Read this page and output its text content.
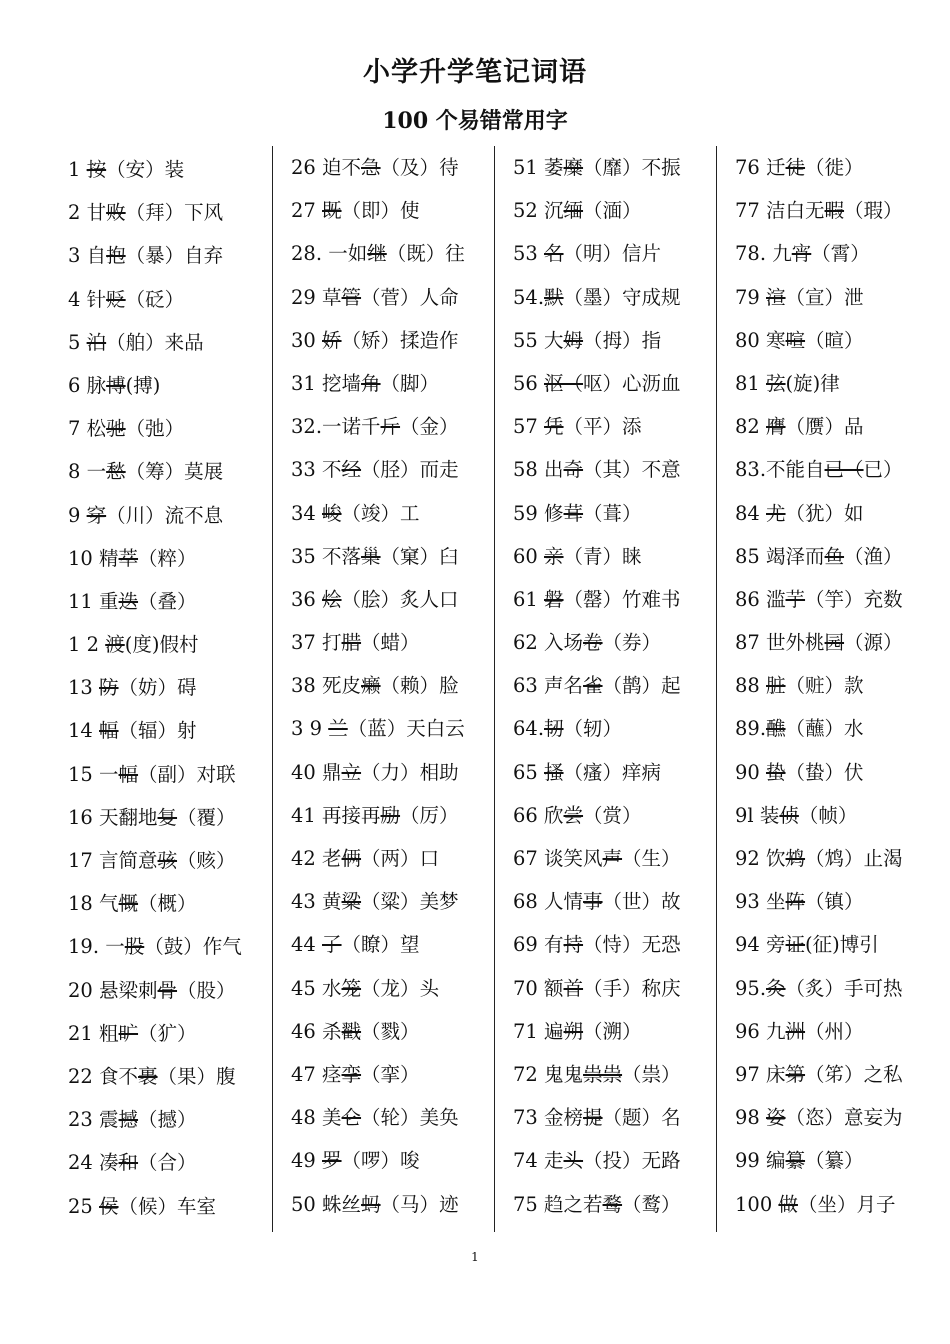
小学升学笔记词语
100 个易错常用字
1 按（安）装
2 甘败（拜）下风
3 自抱（暴）自弃
4 针贬（砭）
5 泊（舶）来品
6 脉博(搏)
7 松驰（弛）
8 一愁（筹）莫展
9 穿（川）流不息
10 精萃（粹）
11 重迭（叠）
1 2 渡(度)假村
13 防（妨）碍
14 幅（辐）射
15 一幅（副）对联
16 天翻地复（覆）
17 言简意骇（赅）
18 气慨（概）
19. 一股（鼓）作气
20 悬梁刺骨（股）
21 粗旷（犷）
22 食不裹（果）腹
23 震撼（撼）
24 凑和（合）
25 侯（候）车室
26 迫不急（及）待
27 既（即）使
28. 一如继（既）往
29 草管（菅）人命
30 娇（矫）揉造作
31 挖墙角（脚）
32.一诺千斤（金）
33 不经（胫）而走
34 峻（竣）工
35 不落巢（窠）臼
36 烩（脍）炙人口
37 打腊（蜡）
38 死皮癞（赖）脸
3 9 兰（蓝）天白云
40 鼎立（力）相助
41 再接再励（厉）
42 老俩（两）口
43 黄粱（粱）美梦
44 了（瞭）望
45 水笼（龙）头
46 杀戳（戮）
47 痉挛（挛）
48 美仑（轮）美奂
49 罗（啰）唆
50 蛛丝蚂（马）迹
51 萎糜（靡）不振
52 沉缅（湎）
53 名（明）信片
54.默（墨）守成规
55 大姆（拇）指
56 沤（呕）心沥血
57 凭（平）添
58 出奇（其）不意
59 修茸（葺）
60 亲（青）睐
61 磐（罄）竹难书
62 入场卷（券）
63 声名雀（鹊）起
64.韧（轫）
65 搔（瘙）痒病
66 欣尝（赏）
67 谈笑风声（生）
68 人情事（世）故
69 有持（恃）无恐
70 额首（手）称庆
71 遍朔（溯）
72 鬼鬼祟祟（祟）
73 金榜提（题）名
74 走头（投）无路
75 趋之若鹜（鹜）
76 迁徒（徙）
77 洁白无暇（瑕）
78. 九宵（霄）
79 渲（宣）泄
80 寒喧（暄）
81 弦(旋)律
82 膺（赝）品
83.不能自已（已）
84 尤（犹）如
85 竭泽而鱼（渔）
86 滥芋（竽）充数
87 世外桃园（源）
88 脏（赃）款
89.醮（蘸）水
90 蛰（蛰）伏
9l 装侦（帧）
92 饮鸩（鸩）止渴
93 坐阵（镇）
94 旁证(征)博引
95.灸（炙）手可热
96 九洲（州）
97 床第（笫）之私
98 姿（恣）意妄为
99 编纂（纂）
100 做（坐）月子
1
